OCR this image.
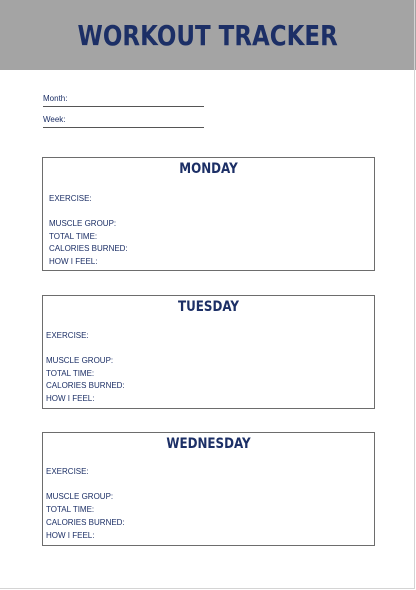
WORKOUT TRACKER
Month:
Week:
MONDAY
EXERCISE:
MUSCLE GROUP:
TOTAL TIME:
CALORIES BURNED:
HOW I FEEL:
TUESDAY
EXERCISE:
MUSCLE GROUP:
TOTAL TIME:
CALORIES BURNED:
HOW I FEEL:
WEDNESDAY
EXERCISE:
MUSCLE GROUP:
TOTAL TIME:
CALORIES BURNED:
HOW I FEEL:
